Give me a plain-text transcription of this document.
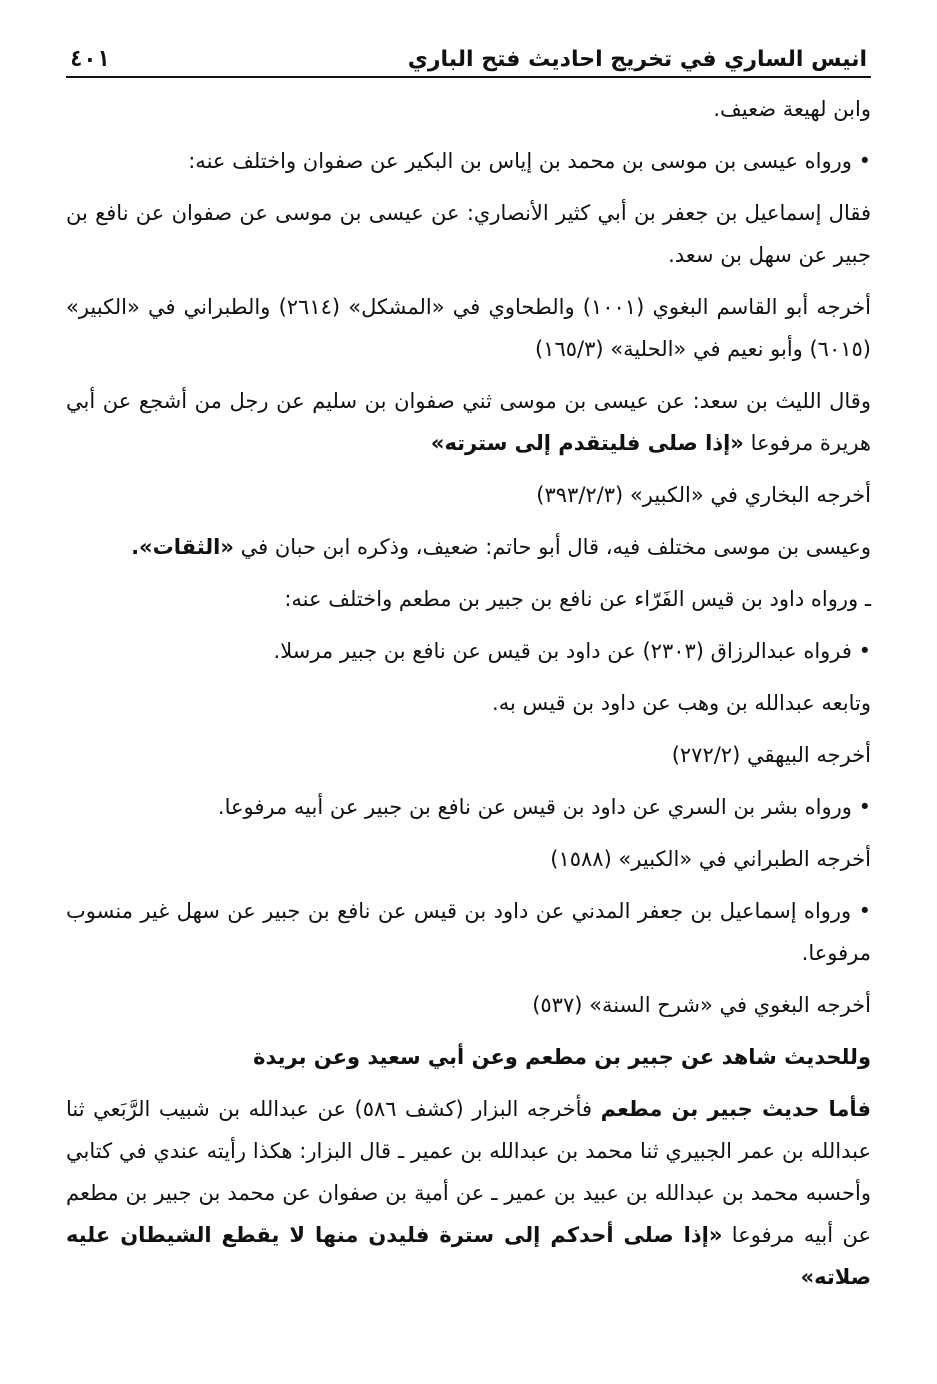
انيس الساري في تخريج احاديث فتح الباري
٤٠١

وابن لهيعة ضعيف.

• ورواه عيسى بن موسى بن محمد بن إياس بن البكير عن صفوان واختلف عنه:

فقال إسماعيل بن جعفر بن أبي كثير الأنصاري: عن عيسى بن موسى عن صفوان عن نافع بن جبير عن سهل بن سعد.

أخرجه أبو القاسم البغوي (١٠٠١) والطحاوي في «المشكل» (٢٦١٤) والطبراني في «الكبير» (٦٠١٥) وأبو نعيم في «الحلية» (١٦٥/٣)

وقال الليث بن سعد: عن عيسى بن موسى ثني صفوان بن سليم عن رجل من أشجع عن أبي هريرة مرفوعا «إذا صلى فليتقدم إلى سترته»

أخرجه البخاري في «الكبير» (٣٩٣/٢/٣)

وعيسى بن موسى مختلف فيه، قال أبو حاتم: ضعيف، وذكره ابن حبان في «الثقات».

ـ ورواه داود بن قيس الفَرّاء عن نافع بن جبير بن مطعم واختلف عنه:

• فرواه عبدالرزاق (٢٣٠٣) عن داود بن قيس عن نافع بن جبير مرسلا.

وتابعه عبدالله بن وهب عن داود بن قيس به.

أخرجه البيهقي (٢٧٢/٢)

• ورواه بشر بن السري عن داود بن قيس عن نافع بن جبير عن أبيه مرفوعا.

أخرجه الطبراني في «الكبير» (١٥٨٨)

• ورواه إسماعيل بن جعفر المدني عن داود بن قيس عن نافع بن جبير عن سهل غير منسوب مرفوعا.

أخرجه البغوي في «شرح السنة» (٥٣٧)

وللحديث شاهد عن جبير بن مطعم وعن أبي سعيد وعن بريدة

فأما حديث جبير بن مطعم فأخرجه البزار (كشف ٥٨٦) عن عبدالله بن شبيب الرَّبَعي ثنا عبدالله بن عمر الجبيري ثنا محمد بن عبدالله بن عمير ـ قال البزار: هكذا رأيته عندي في كتابي وأحسبه محمد بن عبدالله بن عبيد بن عمير ـ عن أمية بن صفوان عن محمد بن جبير بن مطعم عن أبيه مرفوعا «إذا صلى أحدكم إلى سترة فليدن منها لا يقطع الشيطان عليه صلاته»
